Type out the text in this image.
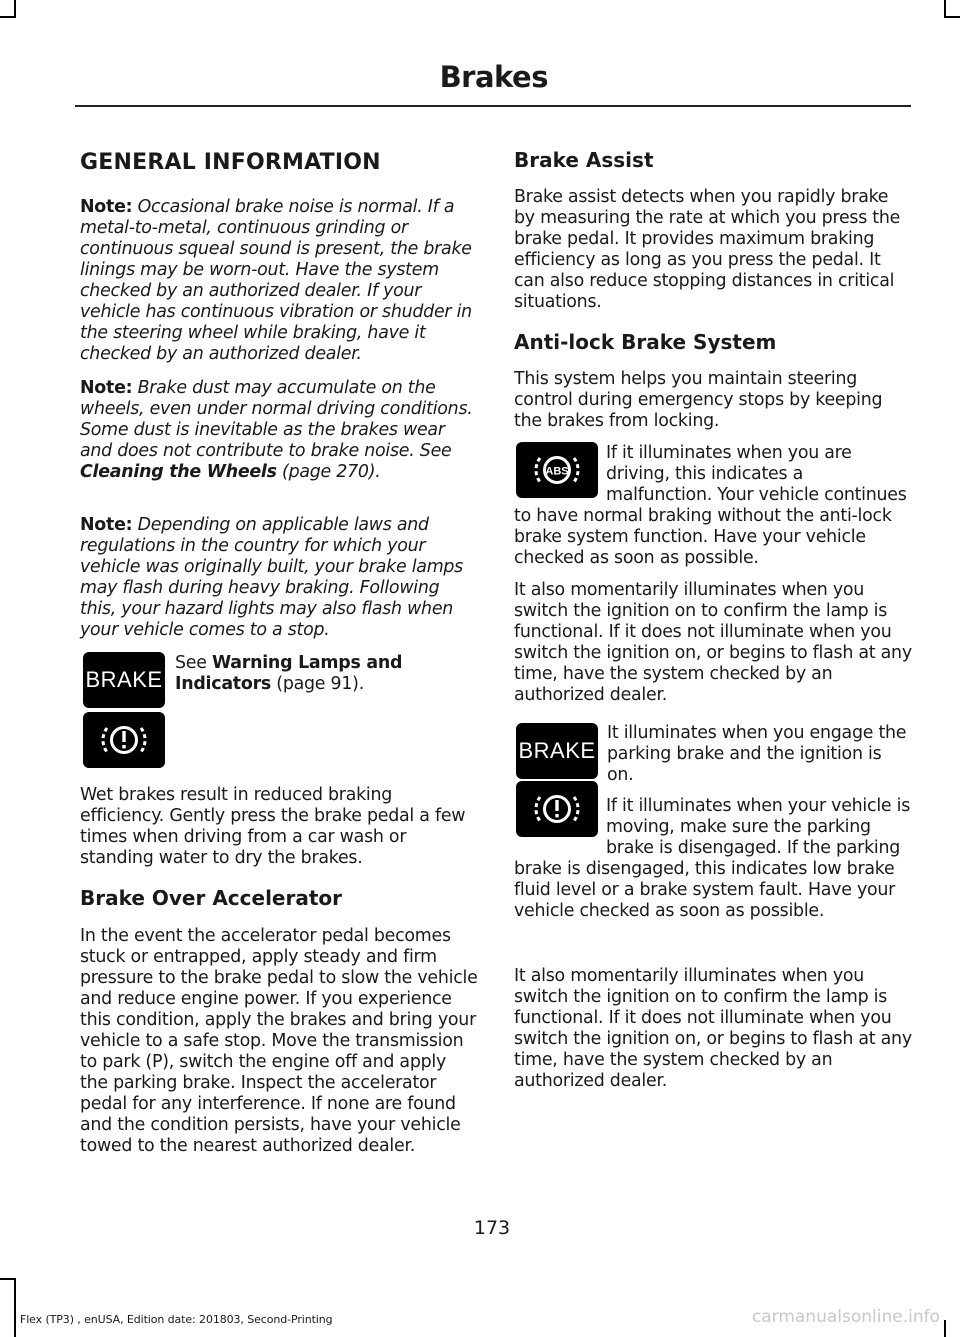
Brakes
GENERAL INFORMATION

Note: Occasional brake noise is normal. If a metal-to-metal, continuous grinding or continuous squeal sound is present, the brake linings may be worn-out. Have the system checked by an authorized dealer. If your vehicle has continuous vibration or shudder in the steering wheel while braking, have it checked by an authorized dealer.

Note: Brake dust may accumulate on the wheels, even under normal driving conditions. Some dust is inevitable as the brakes wear and does not contribute to brake noise. See Cleaning the Wheels (page 270).

Note: Depending on applicable laws and regulations in the country for which your vehicle was originally built, your brake lamps may flash during heavy braking. Following this, your hazard lights may also flash when your vehicle comes to a stop.

BRAKE

See Warning Lamps and Indicators (page 91).

Wet brakes result in reduced braking efficiency. Gently press the brake pedal a few times when driving from a car wash or standing water to dry the brakes.

Brake Over Accelerator

In the event the accelerator pedal becomes stuck or entrapped, apply steady and firm pressure to the brake pedal to slow the vehicle and reduce engine power. If you experience this condition, apply the brakes and bring your vehicle to a safe stop. Move the transmission to park (P), switch the engine off and apply the parking brake. Inspect the accelerator pedal for any interference. If none are found and the condition persists, have your vehicle towed to the nearest authorized dealer.

Brake Assist

Brake assist detects when you rapidly brake by measuring the rate at which you press the brake pedal. It provides maximum braking efficiency as long as you press the pedal. It can also reduce stopping distances in critical situations.

Anti-lock Brake System

This system helps you maintain steering control during emergency stops by keeping the brakes from locking.

ABS

If it illuminates when you are driving, this indicates a malfunction. Your vehicle continues to have normal braking without the anti-lock brake system function. Have your vehicle checked as soon as possible.

It also momentarily illuminates when you switch the ignition on to confirm the lamp is functional. If it does not illuminate when you switch the ignition on, or begins to flash at any time, have the system checked by an authorized dealer.

BRAKE

It illuminates when you engage the parking brake and the ignition is on.

If it illuminates when your vehicle is moving, make sure the parking brake is disengaged. If the parking brake is disengaged, this indicates low brake fluid level or a brake system fault. Have your vehicle checked as soon as possible.

It also momentarily illuminates when you switch the ignition on to confirm the lamp is functional. If it does not illuminate when you switch the ignition on, or begins to flash at any time, have the system checked by an authorized dealer.

173
Flex (TP3) , enUSA, Edition date: 201803, Second-Printing	carmanualsonline.info
